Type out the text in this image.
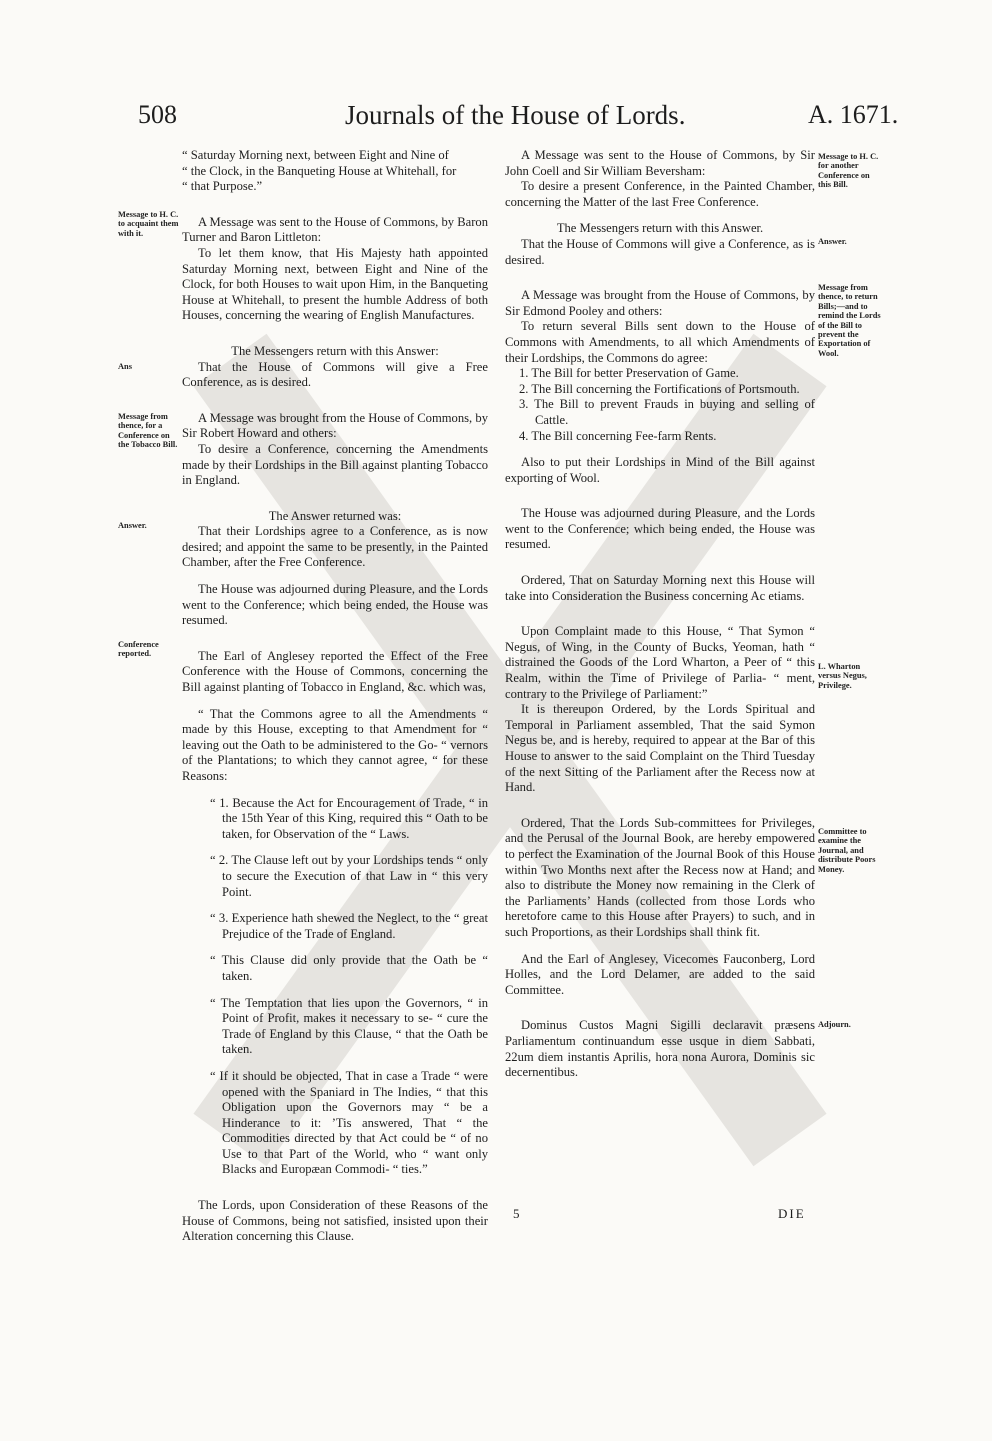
508	Journals of the House of Lords.	A. 1671.

“ Saturday Morning next, between Eight and Nine of

“ the Clock, in the Banqueting House at Whitehall, for

“ that Purpose.”

A Message was sent to the House of Commons, by Baron Turner and Baron Littleton:

To let them know, that His Majesty hath appointed Saturday Morning next, between Eight and Nine of the Clock, for both Houses to wait upon Him, in the Banqueting House at Whitehall, to present the humble Address of both Houses, concerning the wearing of English Manufactures.

The Messengers return with this Answer:

That the House of Commons will give a Free Conference, as is desired.

A Message was brought from the House of Commons, by Sir Robert Howard and others:

To desire a Conference, concerning the Amendments made by their Lordships in the Bill against planting Tobacco in England.

The Answer returned was:

That their Lordships agree to a Conference, as is now desired; and appoint the same to be presently, in the Painted Chamber, after the Free Conference.

The House was adjourned during Pleasure, and the Lords went to the Conference; which being ended, the House was resumed.

The Earl of Anglesey reported the Effect of the Free Conference with the House of Commons, concerning the Bill against planting of Tobacco in England, &c. which was,

“ That the Commons agree to all the Amendments “ made by this House, excepting to that Amendment for “ leaving out the Oath to be administered to the Go- “ vernors of the Plantations; to which they cannot agree, “ for these Reasons:

“ 1. Because the Act for Encouragement of Trade, “ in the 15th Year of this King, required this “ Oath to be taken, for Observation of the “ Laws.

“ 2. The Clause left out by your Lordships tends “ only to secure the Execution of that Law in “ this very Point.

“ 3. Experience hath shewed the Neglect, to the “ great Prejudice of the Trade of England.

“ This Clause did only provide that the Oath be “ taken.

“ The Temptation that lies upon the Governors, “ in Point of Profit, makes it necessary to se- “ cure the Trade of England by this Clause, “ that the Oath be taken.

“ If it should be objected, That in case a Trade “ were opened with the Spaniard in The Indies, “ that this Obligation upon the Governors may “ be a Hinderance to it: ’Tis answered, That “ the Commodities directed by that Act could be “ of no Use to that Part of the World, who “ want only Blacks and Europæan Commodi- “ ties.”

The Lords, upon Consideration of these Reasons of the House of Commons, being not satisfied, insisted upon their Alteration concerning this Clause.

A Message was sent to the House of Commons, by Sir John Coell and Sir William Beversham:

To desire a present Conference, in the Painted Chamber, concerning the Matter of the last Free Conference.

The Messengers return with this Answer.

That the House of Commons will give a Conference, as is desired.

A Message was brought from the House of Commons, by Sir Edmond Pooley and others:

To return several Bills sent down to the House of Commons with Amendments, to all which Amendments of their Lordships, the Commons do agree:

1. The Bill for better Preservation of Game.

2. The Bill concerning the Fortifications of Portsmouth.

3. The Bill to prevent Frauds in buying and selling of Cattle.

4. The Bill concerning Fee-farm Rents.

Also to put their Lordships in Mind of the Bill against exporting of Wool.

The House was adjourned during Pleasure, and the Lords went to the Conference; which being ended, the House was resumed.

Ordered, That on Saturday Morning next this House will take into Consideration the Business concerning Ac etiams.

Upon Complaint made to this House, “ That Symon “ Negus, of Wing, in the County of Bucks, Yeoman, hath “ distrained the Goods of the Lord Wharton, a Peer of “ this Realm, within the Time of Privilege of Parlia- “ ment, contrary to the Privilege of Parliament:”

It is thereupon Ordered, by the Lords Spiritual and Temporal in Parliament assembled, That the said Symon Negus be, and is hereby, required to appear at the Bar of this House to answer to the said Complaint on the Third Tuesday of the next Sitting of the Parliament after the Recess now at Hand.

Ordered, That the Lords Sub-committees for Privileges, and the Perusal of the Journal Book, are hereby empowered to perfect the Examination of the Journal Book of this House within Two Months next after the Recess now at Hand; and also to distribute the Money now remaining in the Clerk of the Parliaments’ Hands (collected from those Lords who heretofore came to this House after Prayers) to such, and in such Proportions, as their Lordships shall think fit.

And the Earl of Anglesey, Vicecomes Fauconberg, Lord Holles, and the Lord Delamer, are added to the said Committee.

Dominus Custos Magni Sigilli declaravit præsens Parliamentum continuandum esse usque in diem Sabbati, 22um diem instantis Aprilis, hora nona Aurora, Dominis sic decernentibus.

Message to H. C. to acquaint them with it.
Ans
Message from thence, for a Conference on the Tobacco Bill.
Answer.
Conference reported.
Message to H. C. for another Conference on this Bill.
Answer.
Message from thence, to return Bills;—and to remind the Lords of the Bill to prevent the Exportation of Wool.
L. Wharton versus Negus, Privilege.
Committee to examine the Journal, and distribute Poors Money.
Adjourn.
5	DIE
